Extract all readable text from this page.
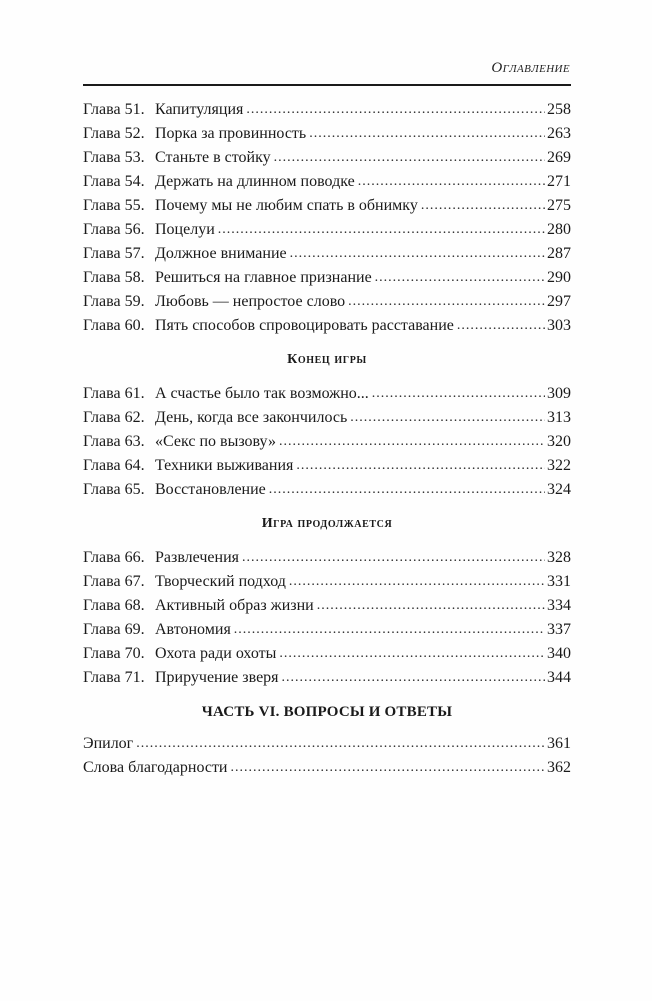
Оглавление
Глава 51. Капитуляция .....	258
Глава 52. Порка за провинность .....	263
Глава 53. Станьте в стойку .....	269
Глава 54. Держать на длинном поводке .....	271
Глава 55. Почему мы не любим спать в обнимку .....	275
Глава 56. Поцелуи .....	280
Глава 57. Должное внимание .....	287
Глава 58. Решиться на главное признание .....	290
Глава 59. Любовь — непростое слово .....	297
Глава 60. Пять способов спровоцировать расставание .....	303
Конец игры
Глава 61. А счастье было так возможно... .....	309
Глава 62. День, когда все закончилось .....	313
Глава 63. «Секс по вызову» .....	320
Глава 64. Техники выживания .....	322
Глава 65. Восстановление .....	324
Игра продолжается
Глава 66. Развлечения .....	328
Глава 67. Творческий подход .....	331
Глава 68. Активный образ жизни .....	334
Глава 69. Автономия .....	337
Глава 70. Охота ради охоты .....	340
Глава 71. Приручение зверя .....	344
ЧАСТЬ VI. ВОПРОСЫ И ОТВЕТЫ
Эпилог .....	361
Слова благодарности .....	362
